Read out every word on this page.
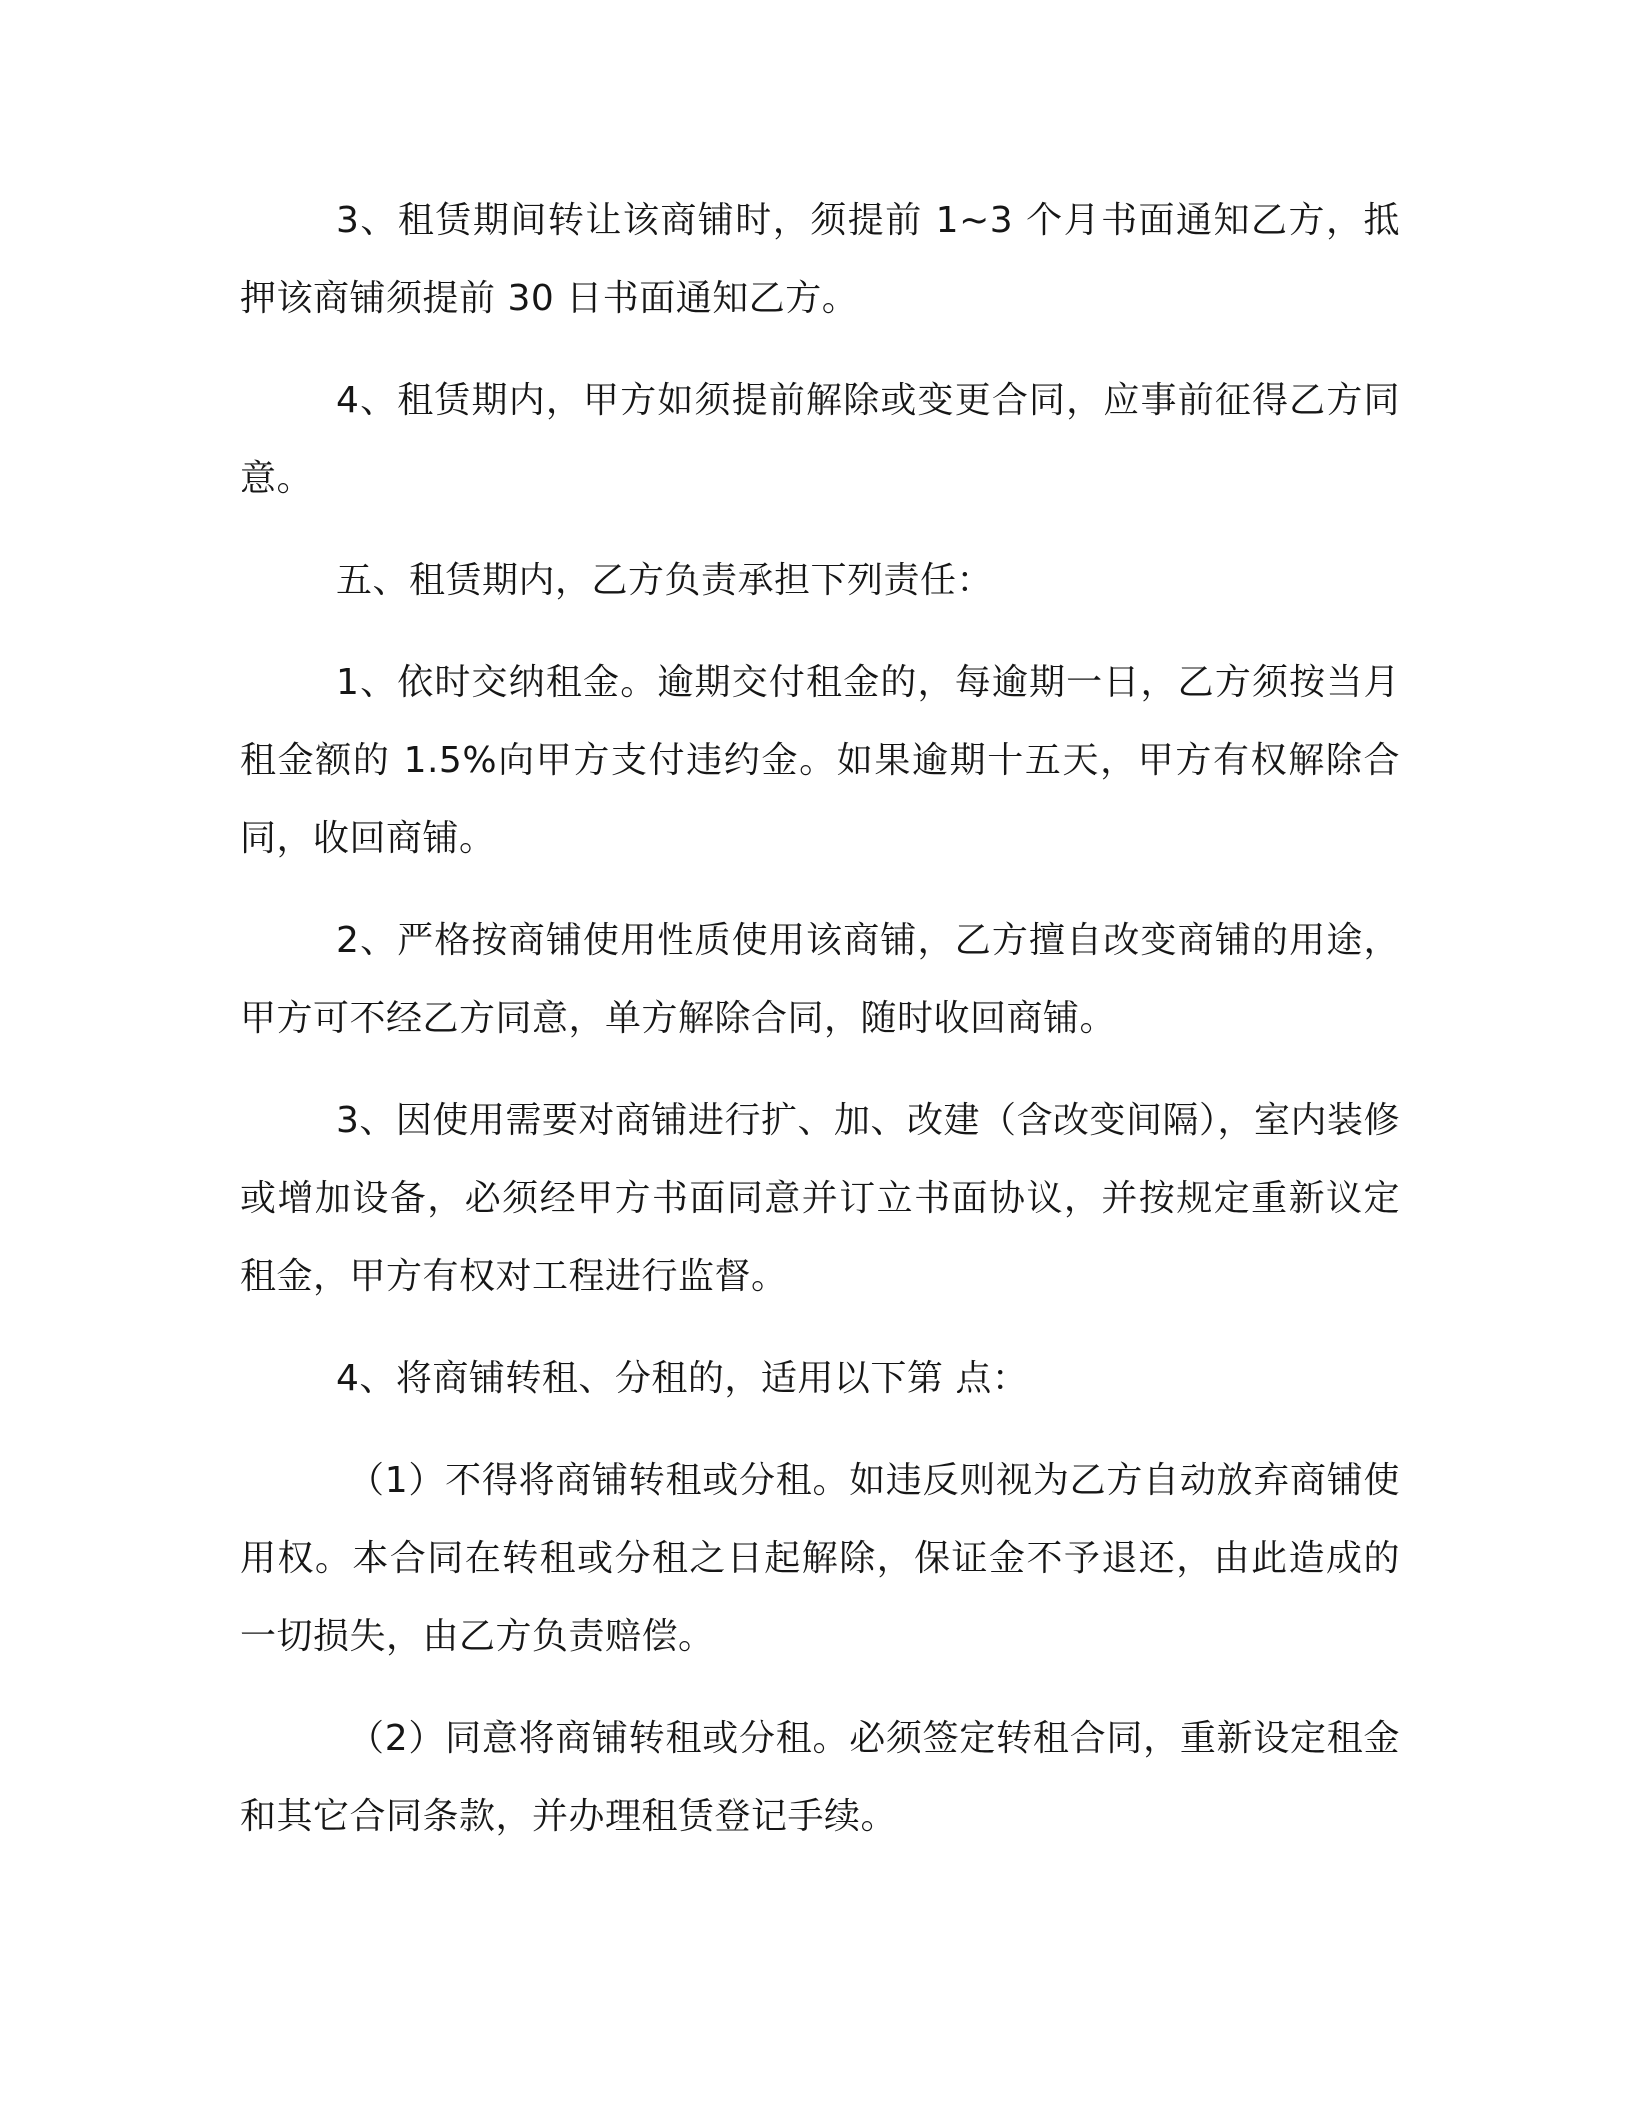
3、租赁期间转让该商铺时，须提前 1~3 个月书面通知乙方，抵押该商铺须提前 30 日书面通知乙方。

4、租赁期内，甲方如须提前解除或变更合同，应事前征得乙方同意。

五、租赁期内，乙方负责承担下列责任：

1、依时交纳租金。逾期交付租金的，每逾期一日，乙方须按当月租金额的 1.5%向甲方支付违约金。如果逾期十五天，甲方有权解除合同，收回商铺。

2、严格按商铺使用性质使用该商铺，乙方擅自改变商铺的用途，甲方可不经乙方同意，单方解除合同，随时收回商铺。

3、因使用需要对商铺进行扩、加、改建（含改变间隔），室内装修或增加设备，必须经甲方书面同意并订立书面协议，并按规定重新议定租金，甲方有权对工程进行监督。

4、将商铺转租、分租的，适用以下第 点：

（1）不得将商铺转租或分租。如违反则视为乙方自动放弃商铺使用权。本合同在转租或分租之日起解除，保证金不予退还，由此造成的一切损失，由乙方负责赔偿。

（2）同意将商铺转租或分租。必须签定转租合同，重新设定租金和其它合同条款，并办理租赁登记手续。
